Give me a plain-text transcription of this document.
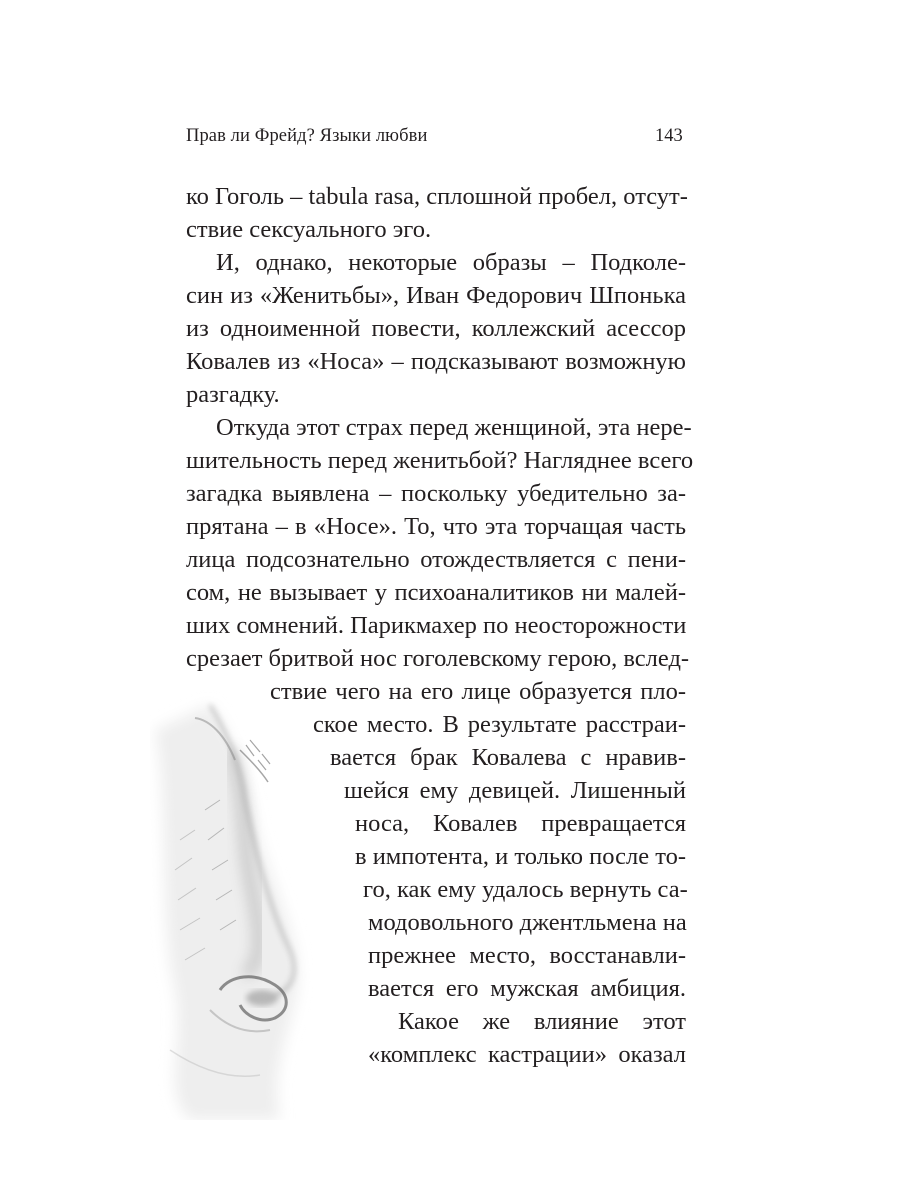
Прав ли Фрейд? Языки любви	143
ко Гоголь – tabula rasa, сплошной пробел, отсут-
ствие сексуального эго.
И, однако, некоторые образы – Подколе-
син из «Женитьбы», Иван Федорович Шпонька
из одноименной повести, коллежский асессор
Ковалев из «Носа» – подсказывают возможную
разгадку.
Откуда этот страх перед женщиной, эта нере-
шительность перед женитьбой? Нагляднее всего
загадка выявлена – поскольку убедительно за-
прятана – в «Носе». То, что эта торчащая часть
лица подсознательно отождествляется с пени-
сом, не вызывает у психоаналитиков ни малей-
ших сомнений. Парикмахер по неосторожности
срезает бритвой нос гоголевскому герою, вслед-
ствие чего на его лице образуется пло-
ское место. В результате расстраи-
вается брак Ковалева с нравив-
шейся ему девицей. Лишенный
носа, Ковалев превращается
в импотента, и только после то-
го, как ему удалось вернуть са-
модовольного джентльмена на
прежнее место, восстанавли-
вается его мужская амбиция.
Какое же влияние этот
«комплекс кастрации» оказал
